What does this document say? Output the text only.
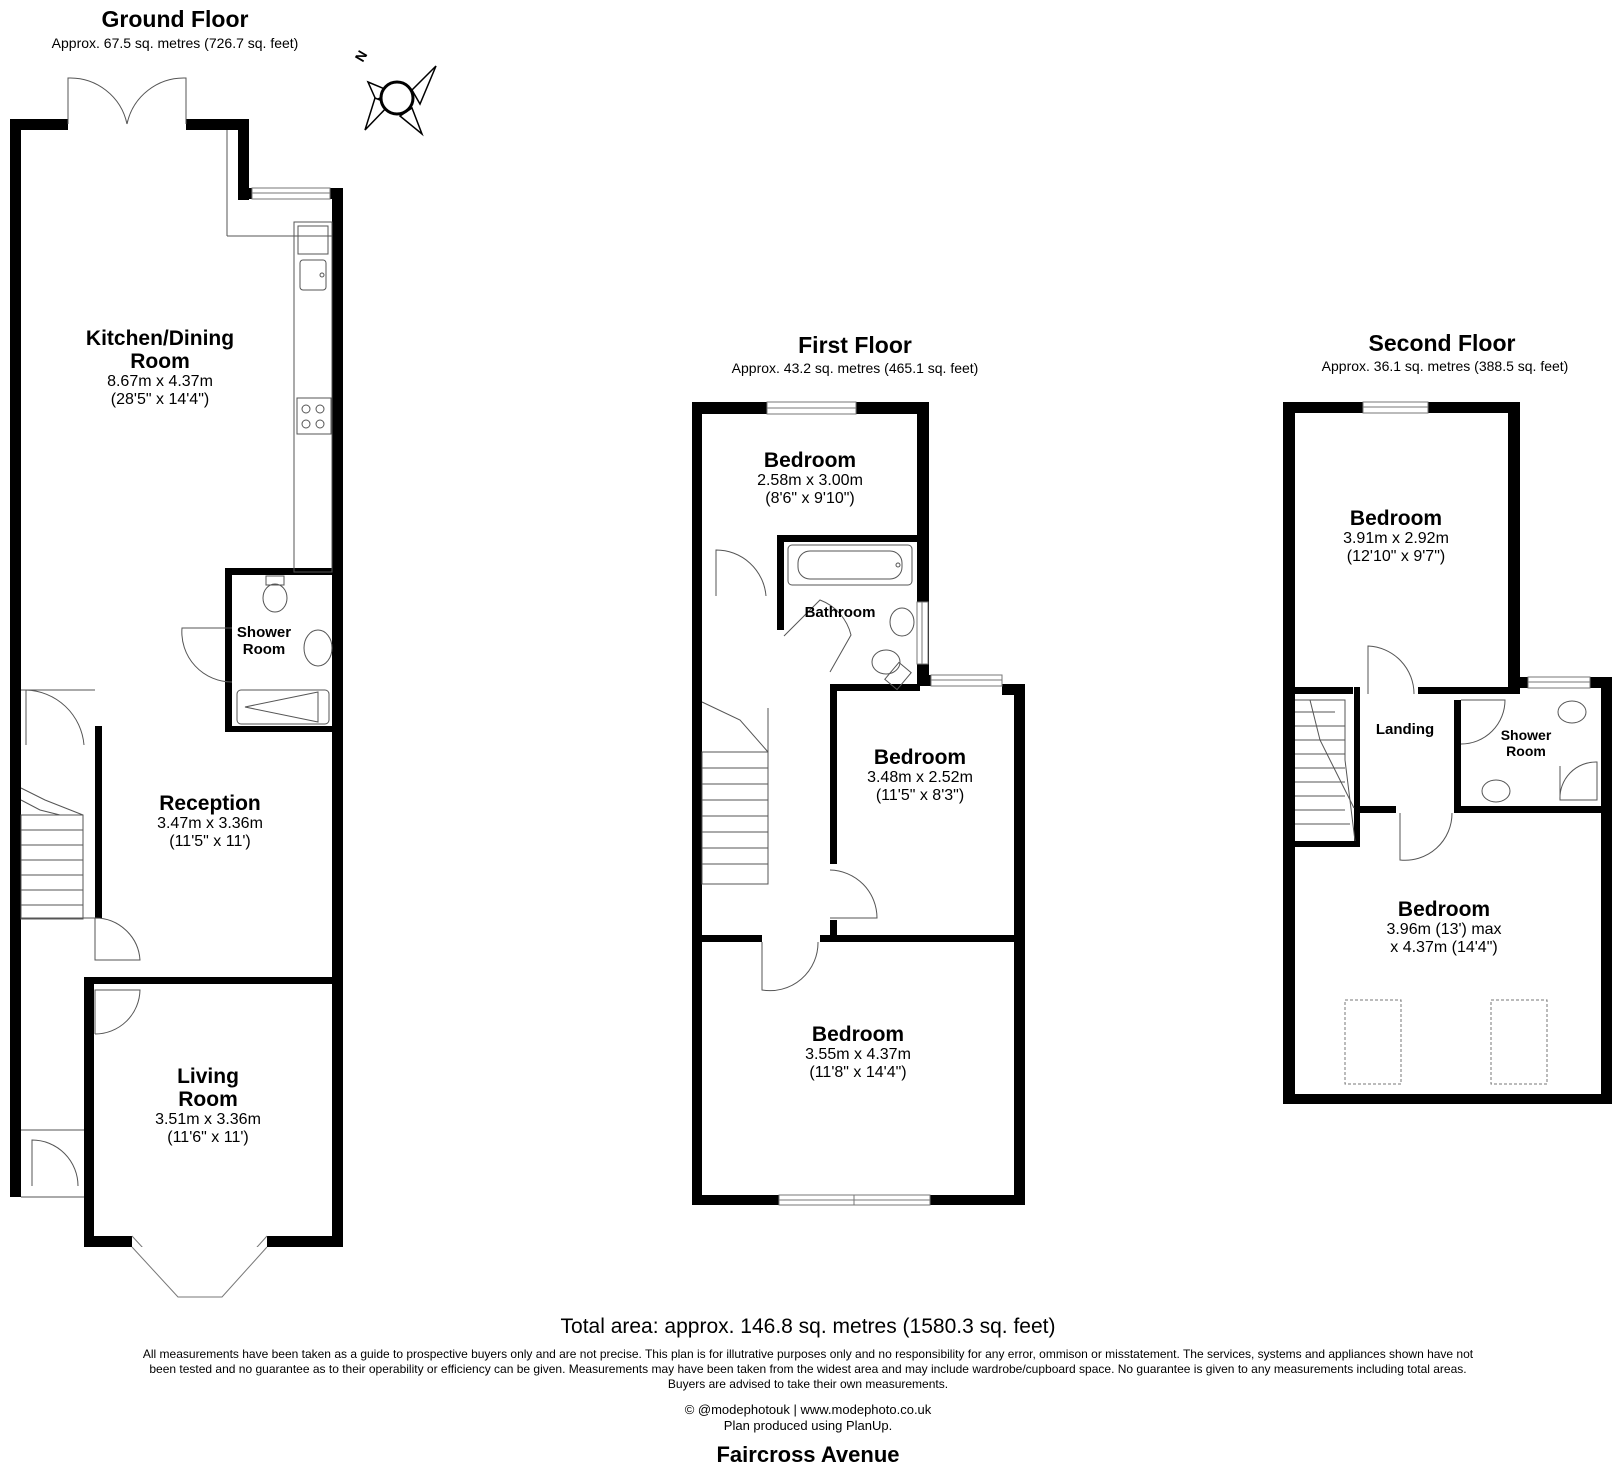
Ground Floor
Approx. 67.5 sq. metres (726.7 sq. feet)
Kitchen/Dining
Room
8.67m x 4.37m
(28'5" x 14'4")
Shower
Room
Reception
3.47m x 3.36m
(11'5" x 11')
Living
Room
3.51m x 3.36m
(11'6" x 11')
N
First Floor
Approx. 43.2 sq. metres (465.1 sq. feet)
Bedroom
2.58m x 3.00m
(8'6" x 9'10")
Bathroom
Bedroom
3.48m x 2.52m
(11'5" x 8'3")
Bedroom
3.55m x 4.37m
(11'8" x 14'4")
Second Floor
Approx. 36.1 sq. metres (388.5 sq. feet)
Bedroom
3.91m x 2.92m
(12'10" x 9'7")
Landing	Shower
Room
Bedroom
3.96m (13') max
x 4.37m (14'4")
Total area: approx. 146.8 sq. metres (1580.3 sq. feet)
All measurements have been taken as a guide to prospective buyers only and are not precise. This plan is for illutrative purposes only and no responsibility for any error, ommison or misstatement. The services, systems and appliances shown have not been tested and no guarantee as to their operability or efficiency can be given. Measurements may have been taken from the widest area and may include wardrobe/cupboard space. No guarantee is given to any measurements including total areas. Buyers are advised to take their own measurements.
© @modephotouk | www.modephoto.co.uk
Plan produced using PlanUp.
Faircross Avenue
